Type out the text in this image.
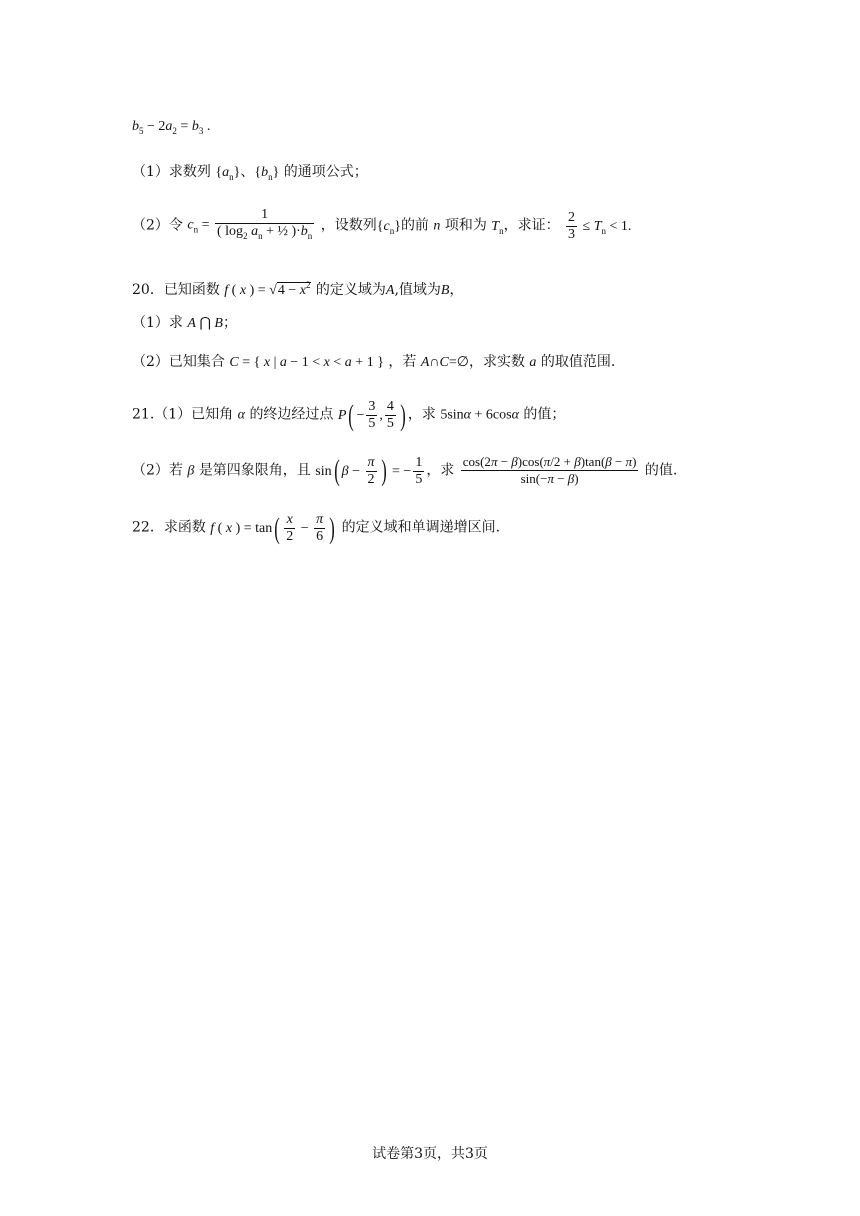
$b_5 - 2a_2 = b_3$ .
（1）求数列 $\{a_n\}$、$\{b_n\}$ 的通项公式；
（2）令 $c_n = \frac{1}{( \log_2 a_n + \frac{1}{2} )\cdot b_n}$ ，设数列$\{c_n\}$的前 n 项和为 $T_n$，求证： $\frac{2}{3} \le T_n < 1$.
20．已知函数 f ( x ) = $√4 - x^2$ 的定义域为A,值域为B，
（1）求 A ⋂ B；
（2）已知集合 C = { x | a − 1 < x < a + 1 } ，若 A∩C=∅，求实数 a 的取值范围.
21.（1）已知角 α 的终边经过点 $P( - \frac{3}{5}$ , $\frac{4}{5}$ ) ，求 5sinα + 6cosα 的值；
（2）若 β 是第四象限角，且 sin( $\beta - \frac{\pi}{2}$ ) = − $\frac{1}{5}$ ，求 $\frac{\cos(2\pi - \beta)\cos(\pi/2 + \beta)\tan(\beta - \pi)}{\sin(-\pi - \beta)}$ 的值.
22．求函数 f ( x ) = $\tan( \frac{x}{2} - \frac{\pi}{6}$ ) 的定义域和单调递增区间.
试卷第3页，共3页
